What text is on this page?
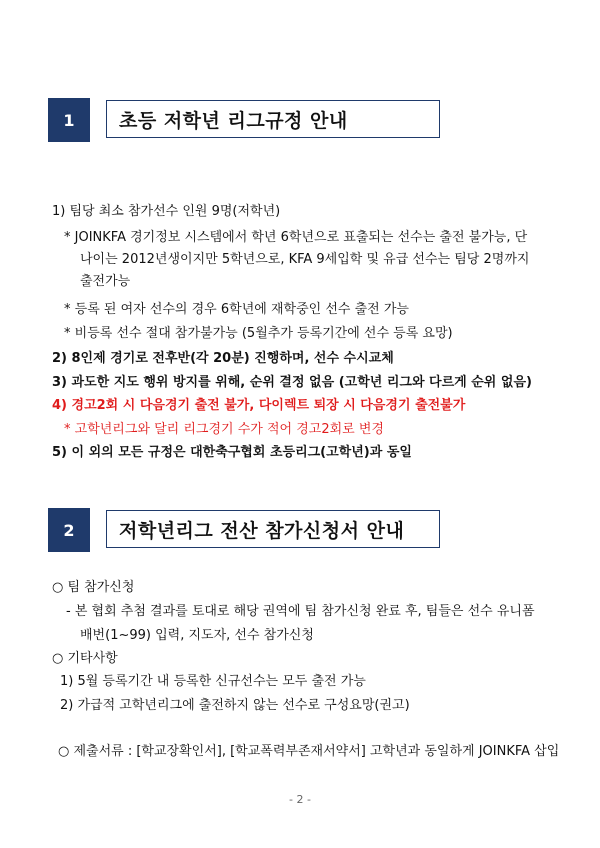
1	초등 저학년 리그규정 안내
1) 팀당 최소 참가선수 인원 9명(저학년)
* JOINKFA 경기정보 시스템에서 학년 6학년으로 표출되는 선수는 출전 불가능, 단
나이는 2012년생이지만 5학년으로, KFA 9세입학 및 유급 선수는 팀당 2명까지
출전가능
* 등록 된 여자 선수의 경우 6학년에 재학중인 선수 출전 가능
* 비등록 선수 절대 참가불가능 (5월추가 등록기간에 선수 등록 요망)
2) 8인제 경기로 전후반(각 20분) 진행하며, 선수 수시교체
3) 과도한 지도 행위 방지를 위해, 순위 결정 없음 (고학년 리그와 다르게 순위 없음)
4) 경고2회 시 다음경기 출전 불가, 다이렉트 퇴장 시 다음경기 출전불가
* 고학년리그와 달리 리그경기 수가 적어 경고2회로 변경
5) 이 외의 모든 규정은 대한축구협회 초등리그(고학년)과 동일
2	저학년리그 전산 참가신청서 안내
○ 팀 참가신청
- 본 협회 추첨 결과를 토대로 해당 권역에 팀 참가신청 완료 후, 팀들은 선수 유니폼
배번(1~99) 입력, 지도자, 선수 참가신청
○ 기타사항
1) 5월 등록기간 내 등록한 신규선수는 모두 출전 가능
2) 가급적 고학년리그에 출전하지 않는 선수로 구성요망(권고)
○ 제출서류 : [학교장확인서], [학교폭력부존재서약서] 고학년과 동일하게 JOINKFA 삽입
- 2 -
